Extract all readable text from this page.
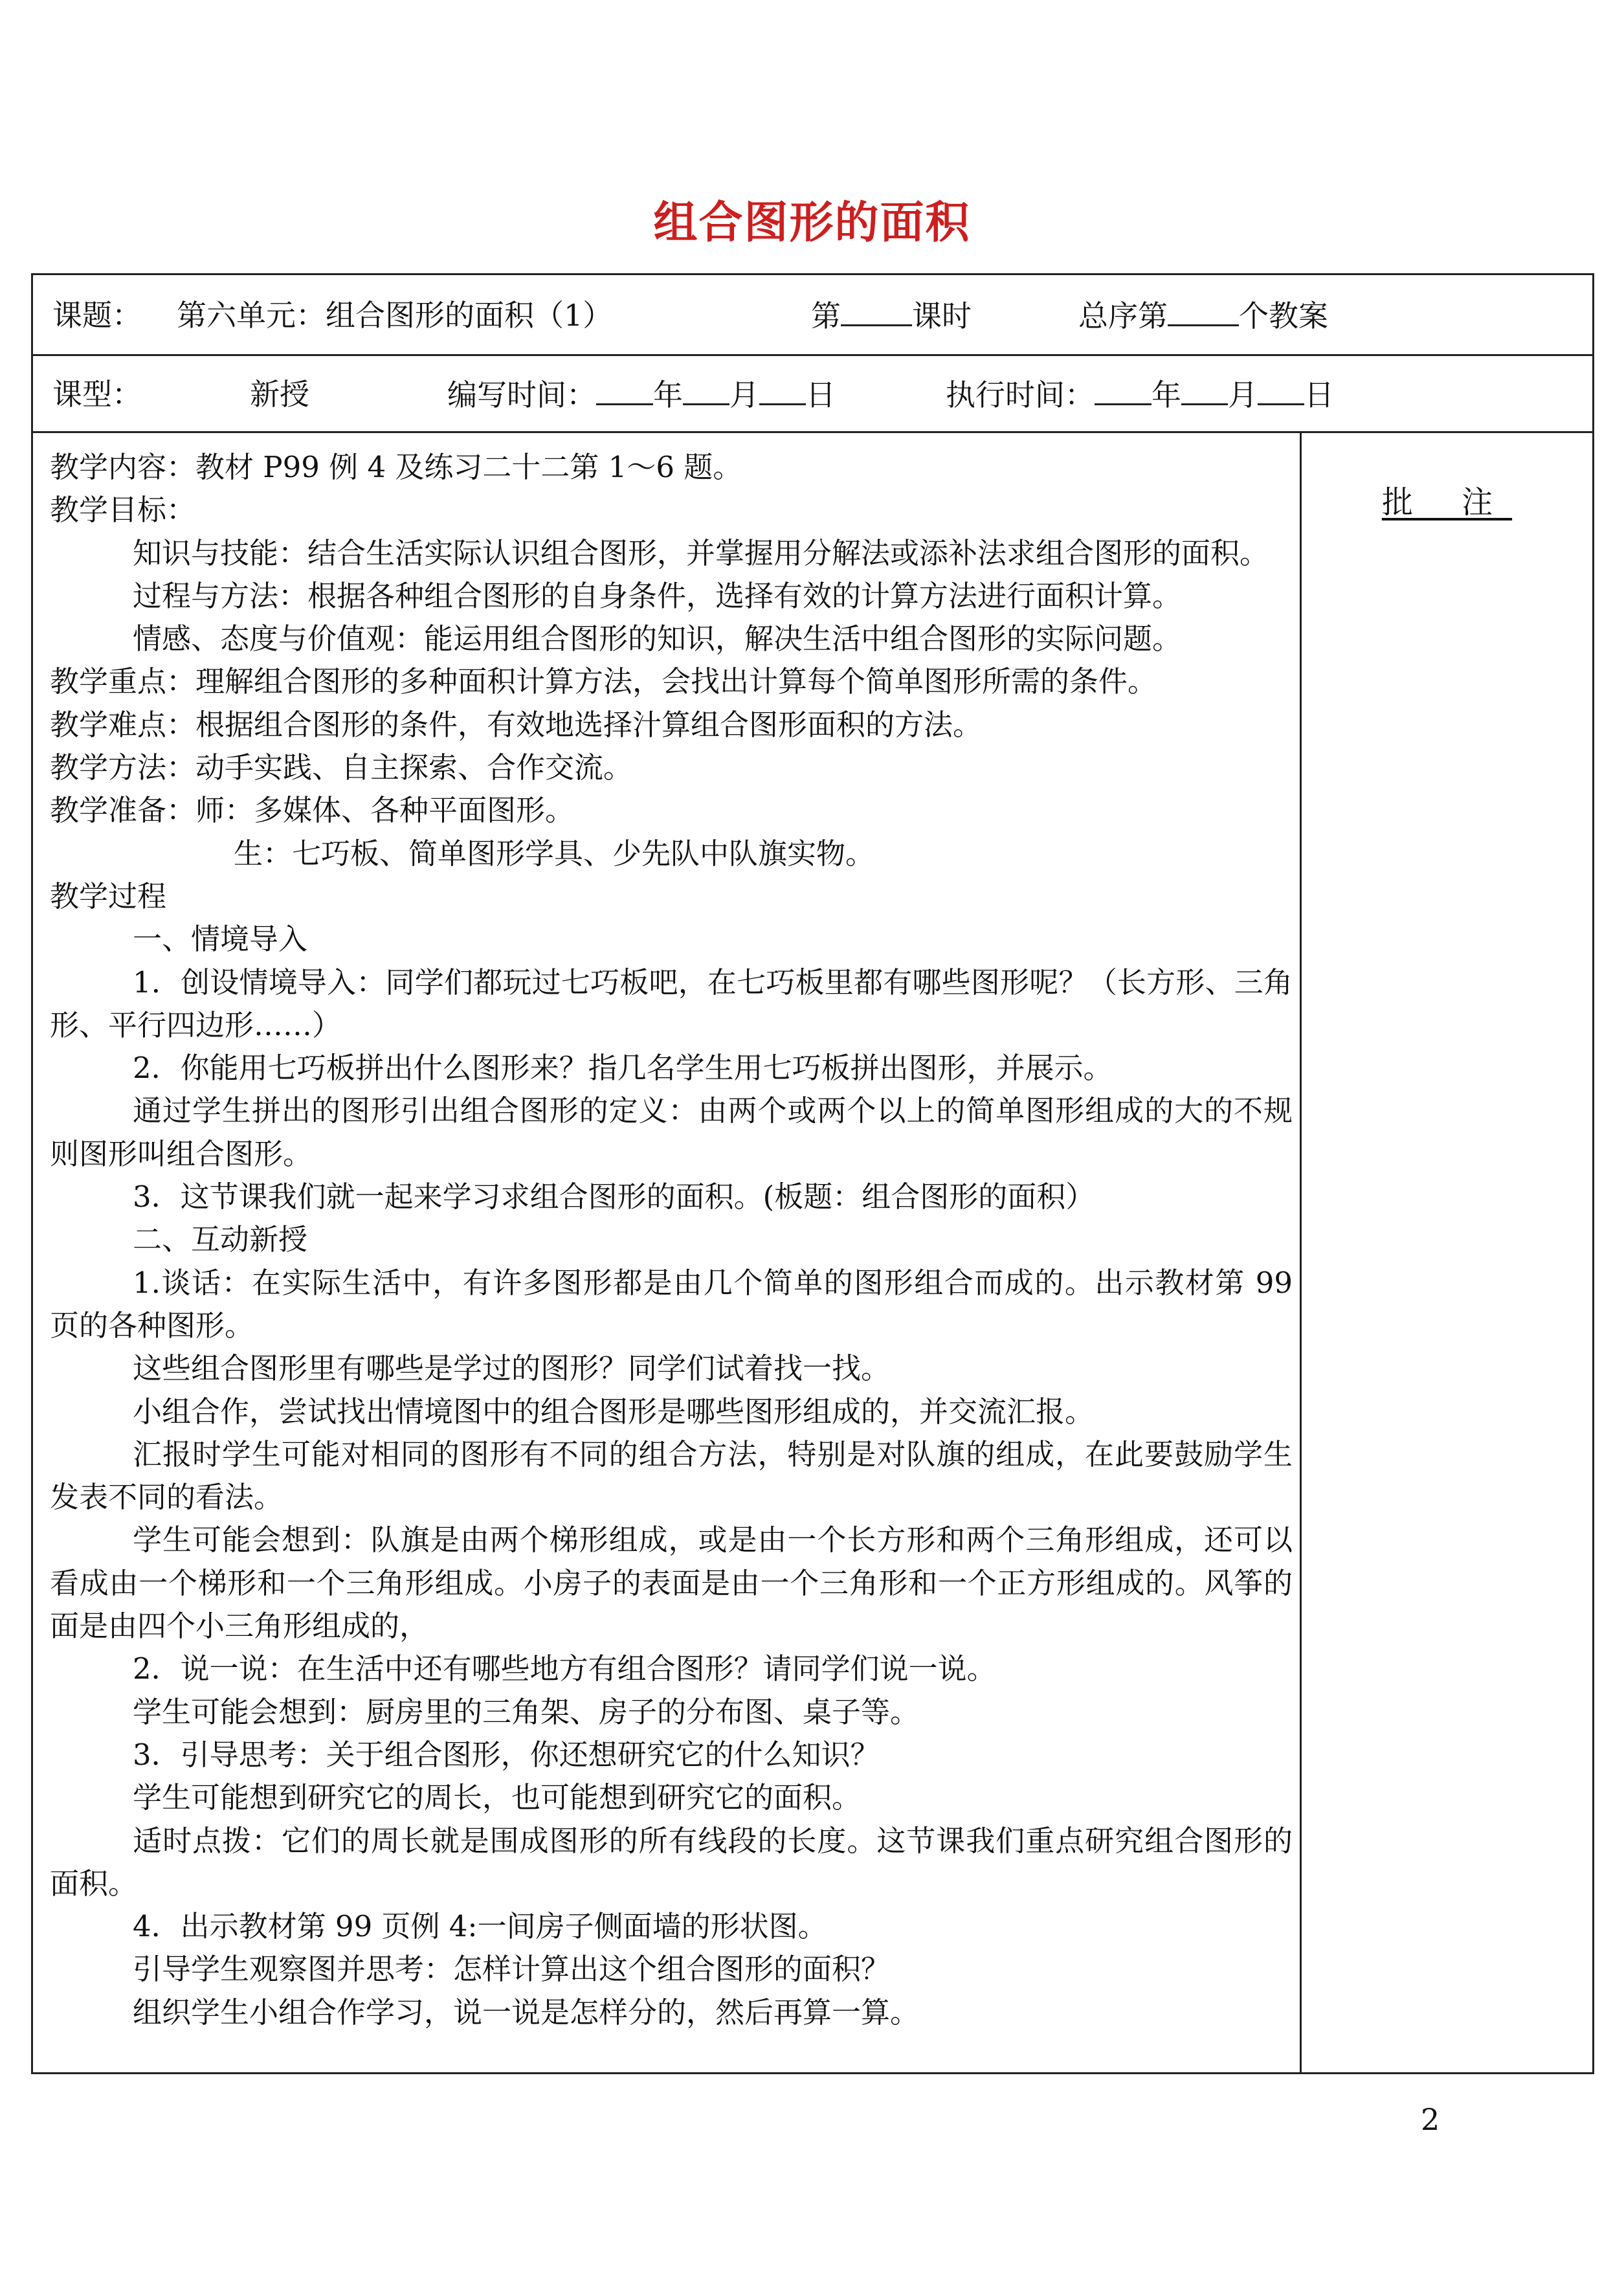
组合图形的面积
课题： 第六单元：组合图形的面积（1）	第 课时	总序第 个教案
课型：	新授	编写时间： 年 月 日	执行时间： 年 月 日

教学内容：教材 P99 例 4 及练习二十二第 1～6 题。

教学目标：

知识与技能：结合生活实际认识组合图形，并掌握用分解法或添补法求组合图形的面积。

过程与方法：根据各种组合图形的自身条件，选择有效的计算方法进行面积计算。

情感、态度与价值观：能运用组合图形的知识，解决生活中组合图形的实际问题。

教学重点：理解组合图形的多种面积计算方法，会找出计算每个简单图形所需的条件。

教学难点：根据组合图形的条件，有效地选择汁算组合图形面积的方法。

教学方法：动手实践、自主探索、合作交流。

教学准备：师：多媒体、各种平面图形。

生：七巧板、简单图形学具、少先队中队旗实物。

教学过程

一、情境导入

1．创设情境导入：同学们都玩过七巧板吧，在七巧板里都有哪些图形呢？（长方形、三角形、平行四边形……）

2．你能用七巧板拼出什么图形来？指几名学生用七巧板拼出图形，并展示。

通过学生拼出的图形引出组合图形的定义：由两个或两个以上的简单图形组成的大的不规则图形叫组合图形。

3．这节课我们就一起来学习求组合图形的面积。(板题：组合图形的面积）

二、互动新授

1.谈话：在实际生活中，有许多图形都是由几个简单的图形组合而成的。出示教材第 99 页的各种图形。

这些组合图形里有哪些是学过的图形？同学们试着找一找。

小组合作，尝试找出情境图中的组合图形是哪些图形组成的，并交流汇报。

汇报时学生可能对相同的图形有不同的组合方法，特别是对队旗的组成，在此要鼓励学生发表不同的看法。

学生可能会想到：队旗是由两个梯形组成，或是由一个长方形和两个三角形组成，还可以看成由一个梯形和一个三角形组成。小房子的表面是由一个三角形和一个正方形组成的。风筝的面是由四个小三角形组成的，

2．说一说：在生活中还有哪些地方有组合图形？请同学们说一说。

学生可能会想到：厨房里的三角架、房子的分布图、桌子等。

3．引导思考：关于组合图形，你还想研究它的什么知识？

学生可能想到研究它的周长，也可能想到研究它的面积。

适时点拨：它们的周长就是围成图形的所有线段的长度。这节课我们重点研究组合图形的面积。

4．出示教材第 99 页例 4:一间房子侧面墙的形状图。

引导学生观察图并思考：怎样计算出这个组合图形的面积？

组织学生小组合作学习，说一说是怎样分的，然后再算一算。

批 注
2
